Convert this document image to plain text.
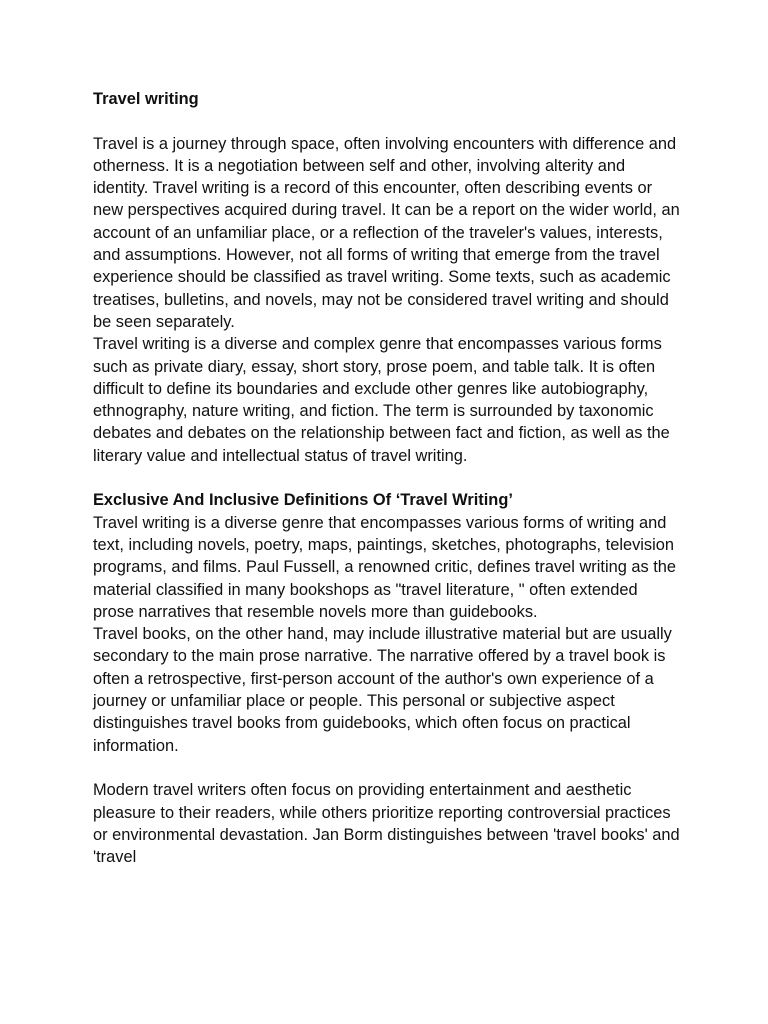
Travel writing

Travel is a journey through space, often involving encounters with difference and otherness. It is a negotiation between self and other, involving alterity and identity. Travel writing is a record of this encounter, often describing events or new perspectives acquired during travel. It can be a report on the wider world, an account of an unfamiliar place, or a reflection of the traveler's values, interests, and assumptions. However, not all forms of writing that emerge from the travel experience should be classified as travel writing. Some texts, such as academic treatises, bulletins, and novels, may not be considered travel writing and should be seen separately.

Travel writing is a diverse and complex genre that encompasses various forms such as private diary, essay, short story, prose poem, and table talk. It is often difficult to define its boundaries and exclude other genres like autobiography, ethnography, nature writing, and fiction. The term is surrounded by taxonomic debates and debates on the relationship between fact and fiction, as well as the literary value and intellectual status of travel writing.

Exclusive And Inclusive Definitions Of ‘Travel Writing’

Travel writing is a diverse genre that encompasses various forms of writing and text, including novels, poetry, maps, paintings, sketches, photographs, television programs, and films. Paul Fussell, a renowned critic, defines travel writing as the material classified in many bookshops as "travel literature, " often extended prose narratives that resemble novels more than guidebooks.

Travel books, on the other hand, may include illustrative material but are usually secondary to the main prose narrative. The narrative offered by a travel book is often a retrospective, first-person account of the author's own experience of a journey or unfamiliar place or people. This personal or subjective aspect distinguishes travel books from guidebooks, which often focus on practical information.

Modern travel writers often focus on providing entertainment and aesthetic pleasure to their readers, while others prioritize reporting controversial practices or environmental devastation. Jan Borm distinguishes between 'travel books' and 'travel
